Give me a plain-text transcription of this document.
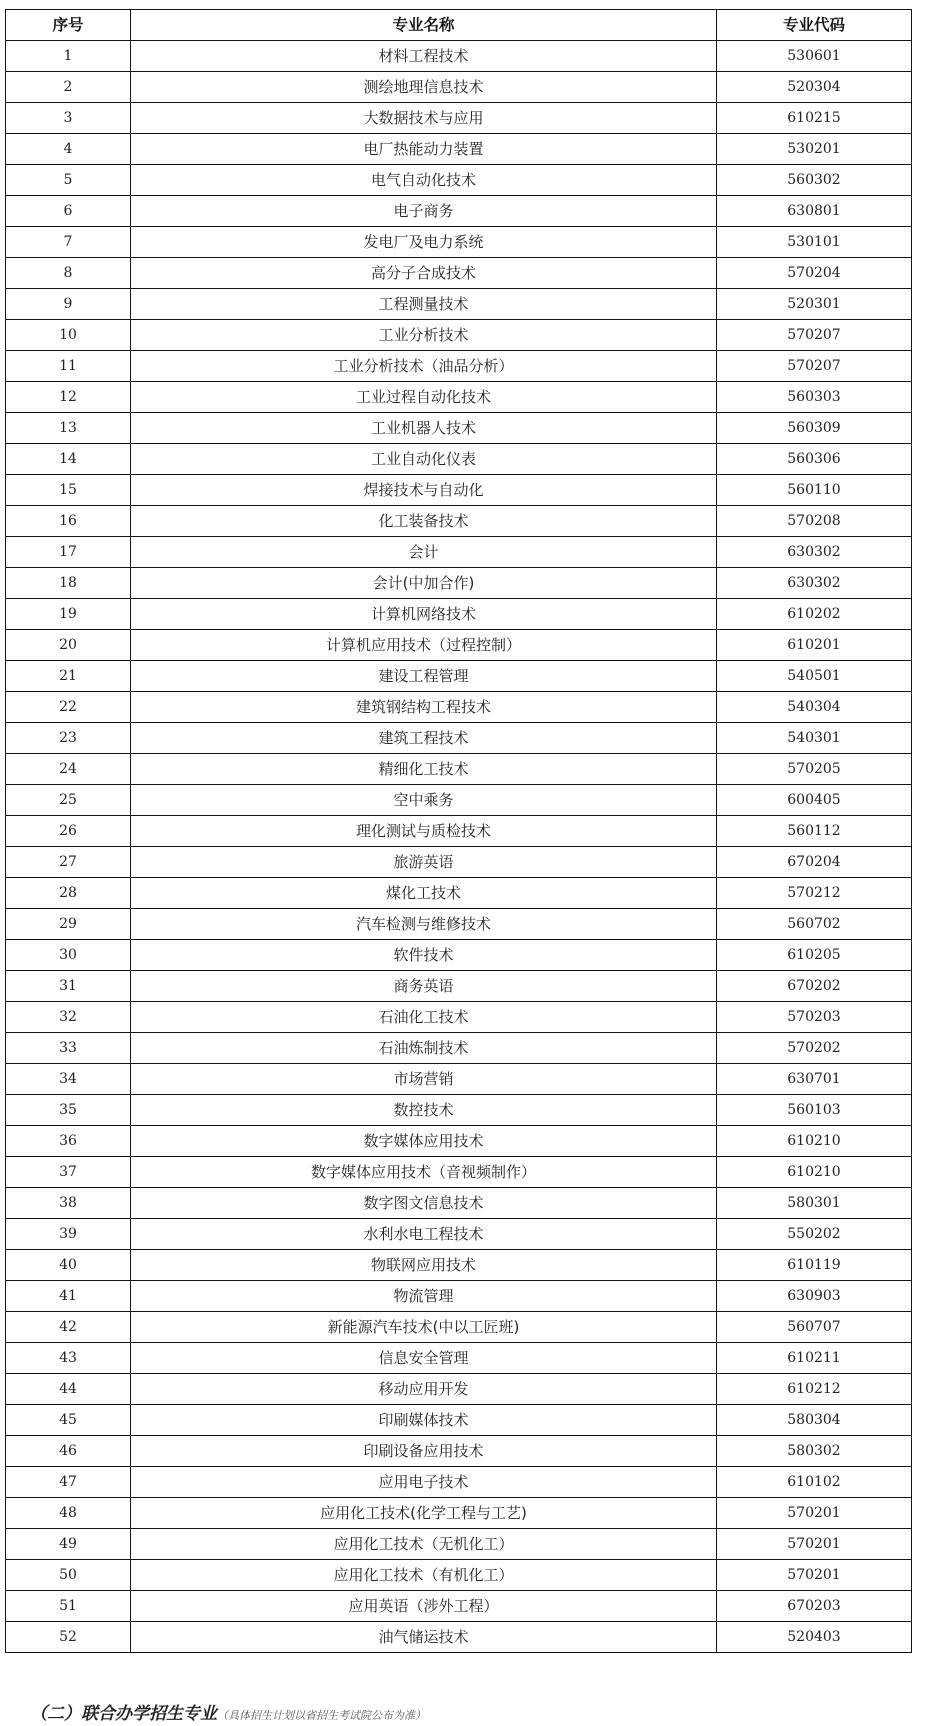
序号	专业名称	专业代码
1	材料工程技术	530601
2	测绘地理信息技术	520304
3	大数据技术与应用	610215
4	电厂热能动力装置	530201
5	电气自动化技术	560302
6	电子商务	630801
7	发电厂及电力系统	530101
8	高分子合成技术	570204
9	工程测量技术	520301
10	工业分析技术	570207
11	工业分析技术（油品分析）	570207
12	工业过程自动化技术	560303
13	工业机器人技术	560309
14	工业自动化仪表	560306
15	焊接技术与自动化	560110
16	化工装备技术	570208
17	会计	630302
18	会计(中加合作)	630302
19	计算机网络技术	610202
20	计算机应用技术（过程控制）	610201
21	建设工程管理	540501
22	建筑钢结构工程技术	540304
23	建筑工程技术	540301
24	精细化工技术	570205
25	空中乘务	600405
26	理化测试与质检技术	560112
27	旅游英语	670204
28	煤化工技术	570212
29	汽车检测与维修技术	560702
30	软件技术	610205
31	商务英语	670202
32	石油化工技术	570203
33	石油炼制技术	570202
34	市场营销	630701
35	数控技术	560103
36	数字媒体应用技术	610210
37	数字媒体应用技术（音视频制作）	610210
38	数字图文信息技术	580301
39	水利水电工程技术	550202
40	物联网应用技术	610119
41	物流管理	630903
42	新能源汽车技术(中以工匠班)	560707
43	信息安全管理	610211
44	移动应用开发	610212
45	印刷媒体技术	580304
46	印刷设备应用技术	580302
47	应用电子技术	610102
48	应用化工技术(化学工程与工艺)	570201
49	应用化工技术（无机化工）	570201
50	应用化工技术（有机化工）	570201
51	应用英语（涉外工程）	670203
52	油气储运技术	520403
（二）联合办学招生专业（具体招生计划以省招生考试院公布为准）
